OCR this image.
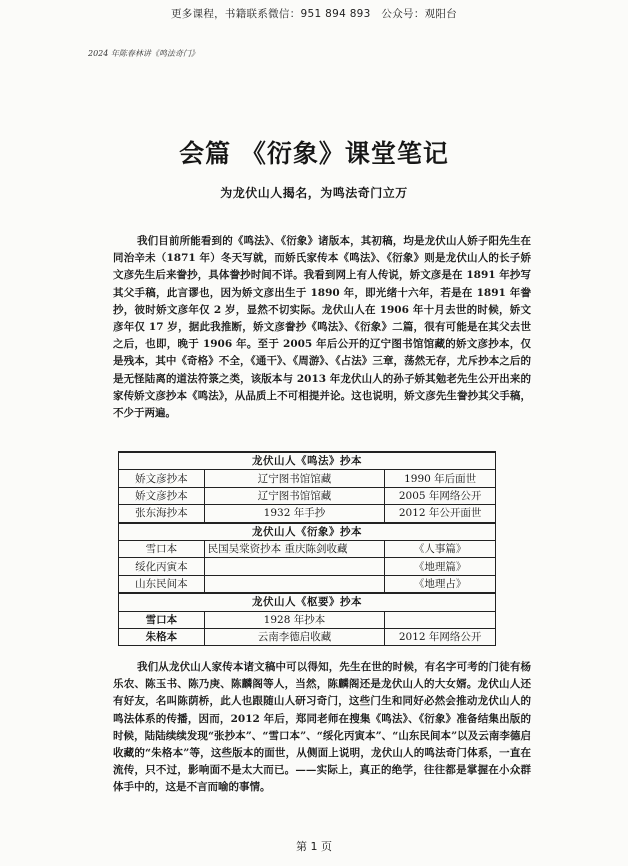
更多课程，书籍联系微信：951 894 893　公众号：观阳台
2024 年陈春林讲《鸣法奇门》
会篇 《衍象》课堂笔记
为龙伏山人揭名，为鸣法奇门立万
我们目前所能看到的《鸣法》、《衍象》诸版本，其初稿，均是龙伏山人娇子阳先生在同治辛未（1871 年）冬天写就，而娇氏家传本《鸣法》、《衍象》则是龙伏山人的长子娇文彦先生后来誊抄，具体誊抄时间不详。我看到网上有人传说，娇文彦是在 1891 年抄写其父手稿，此言谬也，因为娇文彦出生于 1890 年，即光绪十六年，若是在 1891 年誊抄，彼时娇文彦年仅 2 岁，显然不切实际。龙伏山人在 1906 年十月去世的时候，娇文彦年仅 17 岁，据此我推断，娇文彦誊抄《鸣法》、《衍象》二篇，很有可能是在其父去世之后，也即，晚于 1906 年。至于 2005 年后公开的辽宁图书馆馆藏的娇文彦抄本，仅是残本，其中《奇格》不全，《通干》、《周游》、《占法》三章，荡然无存，尤斥抄本之后的是无怪陆离的道法符箓之类，该版本与 2013 年龙伏山人的孙子娇其勉老先生公开出来的家传娇文彦抄本《鸣法》，从品质上不可相提并论。这也说明，娇文彦先生誊抄其父手稿，不少于两遍。
龙伏山人《鸣法》抄本		
娇文彦抄本	辽宁图书馆馆藏	1990 年后面世
娇文彦抄本	辽宁图书馆馆藏	2005 年网络公开
张东海抄本	1932 年手抄	2012 年公开面世
龙伏山人《衍象》抄本		
雪口本	民国吴棠资抄本 重庆陈剑收藏	《人事篇》
绥化丙寅本		《地理篇》
山东民间本		《地理占》
龙伏山人《枢要》抄本		
雪口本	1928 年抄本	
朱格本	云南李德启收藏	2012 年网络公开
我们从龙伏山人家传本诸文稿中可以得知，先生在世的时候，有名字可考的门徒有杨乐农、陈玉书、陈乃庚、陈麟阁等人，当然，陈麟阁还是龙伏山人的大女婿。龙伏山人还有好友，名叫陈荫桥，此人也跟随山人研习奇门，这些门生和同好必然会推动龙伏山人的鸣法体系的传播，因而，2012 年后，郑同老师在搜集《鸣法》、《衍象》准备结集出版的时候，陆陆续续发现“张抄本”、“雪口本”、“绥化丙寅本”、“山东民间本”以及云南李德启收藏的“朱格本”等，这些版本的面世，从侧面上说明，龙伏山人的鸣法奇门体系，一直在流传，只不过，影响面不是太大而已。——实际上，真正的绝学，往往都是掌握在小众群体手中的，这是不言而喻的事情。
第 1 页
